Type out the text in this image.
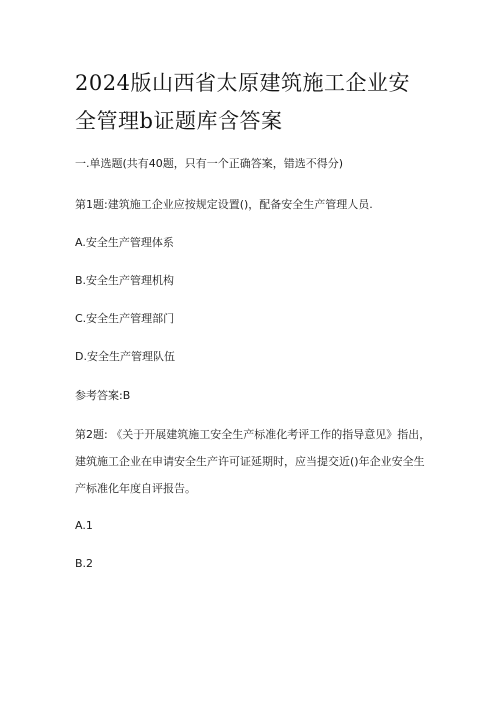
2024版山西省太原建筑施工企业安
全管理b证题库含答案
一.单选题(共有40题，只有一个正确答案，错选不得分)
第1题:建筑施工企业应按规定设置()，配备安全生产管理人员.
A.安全生产管理体系
B.安全生产管理机构
C.安全生产管理部门
D.安全生产管理队伍
参考答案:B
第2题: 《关于开展建筑施工安全生产标准化考评工作的指导意见》指出，
建筑施工企业在申请安全生产许可证延期时，应当提交近()年企业安全生
产标准化年度自评报告。
A.1
B.2
